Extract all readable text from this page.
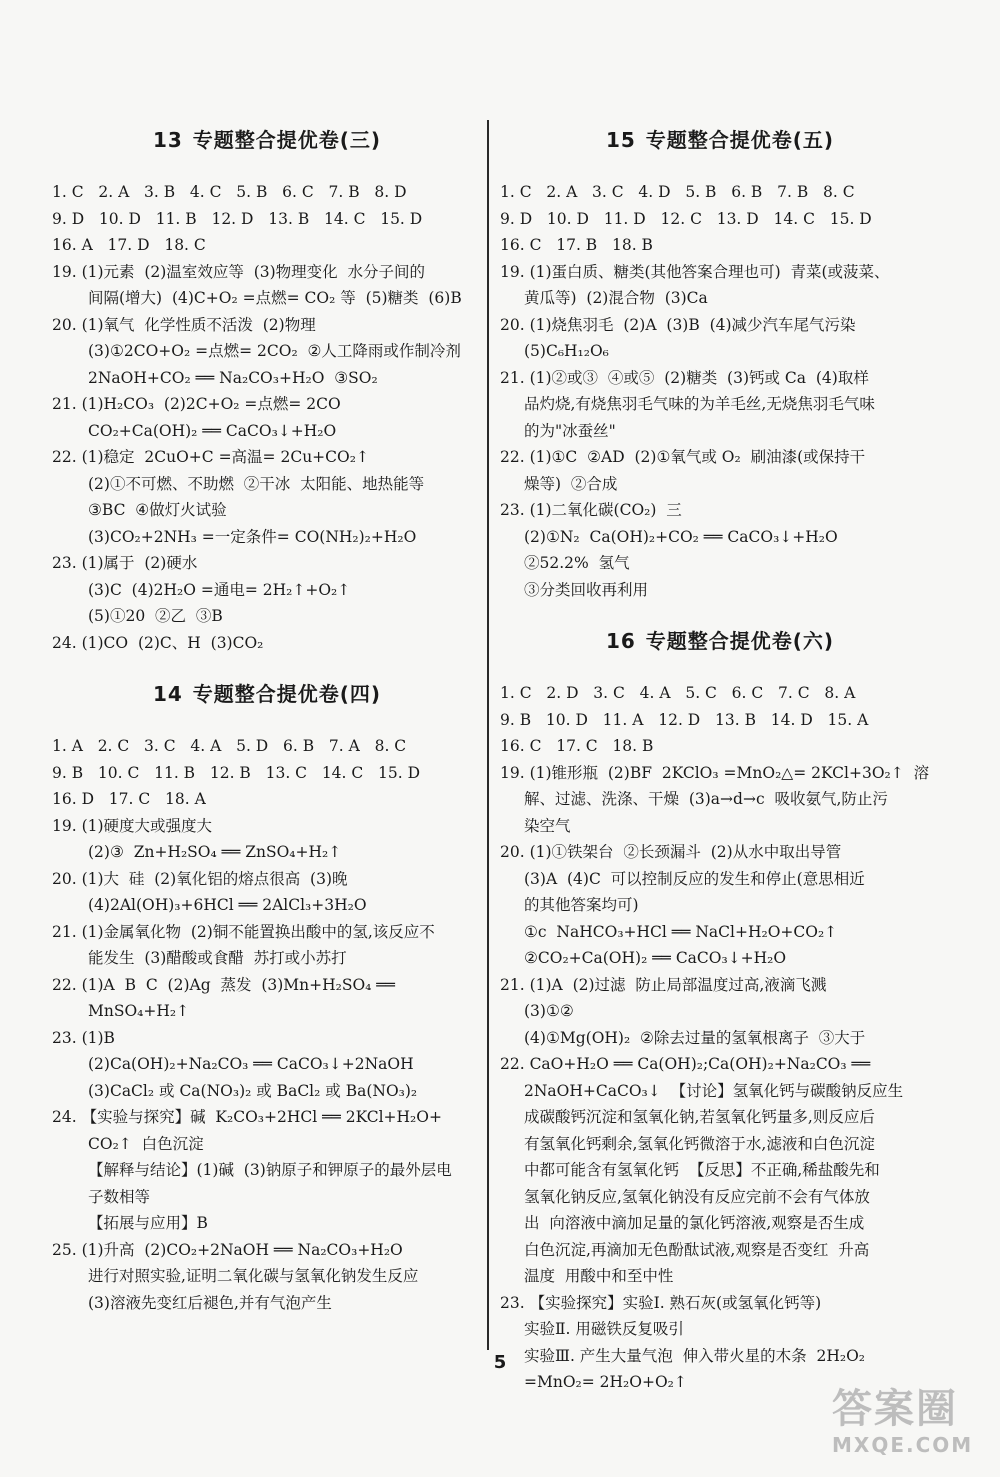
13 专题整合提优卷(三)
1. C   2. A   3. B   4. C   5. B   6. C   7. B   8. D
9. D   10. D   11. B   12. D   13. B   14. C   15. D
16. A   17. D   18. C
19. (1)元素  (2)温室效应等  (3)物理变化  水分子间的
间隔(增大)  (4)C+O₂ =点燃= CO₂ 等  (5)糖类  (6)B
20. (1)氧气  化学性质不活泼  (2)物理
(3)①2CO+O₂ =点燃= 2CO₂  ②人工降雨或作制冷剂
2NaOH+CO₂ ══ Na₂CO₃+H₂O  ③SO₂
21. (1)H₂CO₃  (2)2C+O₂ =点燃= 2CO
CO₂+Ca(OH)₂ ══ CaCO₃↓+H₂O
22. (1)稳定  2CuO+C =高温= 2Cu+CO₂↑
(2)①不可燃、不助燃  ②干冰  太阳能、地热能等
③BC  ④做灯火试验
(3)CO₂+2NH₃ =一定条件= CO(NH₂)₂+H₂O
23. (1)属于  (2)硬水
(3)C  (4)2H₂O =通电= 2H₂↑+O₂↑
(5)①20  ②乙  ③B
24. (1)CO  (2)C、H  (3)CO₂
14 专题整合提优卷(四)
1. A   2. C   3. C   4. A   5. D   6. B   7. A   8. C
9. B   10. C   11. B   12. B   13. C   14. C   15. D
16. D   17. C   18. A
19. (1)硬度大或强度大
(2)③  Zn+H₂SO₄ ══ ZnSO₄+H₂↑
20. (1)大  硅  (2)氧化铝的熔点很高  (3)晚
(4)2Al(OH)₃+6HCl ══ 2AlCl₃+3H₂O
21. (1)金属氧化物  (2)铜不能置换出酸中的氢,该反应不
能发生  (3)醋酸或食醋  苏打或小苏打
22. (1)A  B  C  (2)Ag  蒸发  (3)Mn+H₂SO₄ ══
MnSO₄+H₂↑
23. (1)B
(2)Ca(OH)₂+Na₂CO₃ ══ CaCO₃↓+2NaOH
(3)CaCl₂ 或 Ca(NO₃)₂ 或 BaCl₂ 或 Ba(NO₃)₂
24. 【实验与探究】碱  K₂CO₃+2HCl ══ 2KCl+H₂O+
CO₂↑  白色沉淀
【解释与结论】(1)碱  (3)钠原子和钾原子的最外层电
子数相等
【拓展与应用】B
25. (1)升高  (2)CO₂+2NaOH ══ Na₂CO₃+H₂O
进行对照实验,证明二氧化碳与氢氧化钠发生反应
(3)溶液先变红后褪色,并有气泡产生
15 专题整合提优卷(五)
1. C   2. A   3. C   4. D   5. B   6. B   7. B   8. C
9. D   10. D   11. D   12. C   13. D   14. C   15. D
16. C   17. B   18. B
19. (1)蛋白质、糖类(其他答案合理也可)  青菜(或菠菜、
黄瓜等)  (2)混合物  (3)Ca
20. (1)烧焦羽毛  (2)A  (3)B  (4)减少汽车尾气污染
(5)C₆H₁₂O₆
21. (1)②或③  ④或⑤  (2)糖类  (3)钙或 Ca  (4)取样
品灼烧,有烧焦羽毛气味的为羊毛丝,无烧焦羽毛气味
的为"冰蚕丝"
22. (1)①C  ②AD  (2)①氧气或 O₂  刷油漆(或保持干
燥等)  ②合成
23. (1)二氧化碳(CO₂)  三
(2)①N₂  Ca(OH)₂+CO₂ ══ CaCO₃↓+H₂O
②52.2%  氢气
③分类回收再利用
16 专题整合提优卷(六)
1. C   2. D   3. C   4. A   5. C   6. C   7. C   8. A
9. B   10. D   11. A   12. D   13. B   14. D   15. A
16. C   17. C   18. B
19. (1)锥形瓶  (2)BF  2KClO₃ =MnO₂△= 2KCl+3O₂↑  溶
解、过滤、洗涤、干燥  (3)a→d→c  吸收氨气,防止污
染空气
20. (1)①铁架台  ②长颈漏斗  (2)从水中取出导管
(3)A  (4)C  可以控制反应的发生和停止(意思相近
的其他答案均可)
①c  NaHCO₃+HCl ══ NaCl+H₂O+CO₂↑
②CO₂+Ca(OH)₂ ══ CaCO₃↓+H₂O
21. (1)A  (2)过滤  防止局部温度过高,液滴飞溅
(3)①②
(4)①Mg(OH)₂  ②除去过量的氢氧根离子  ③大于
22. CaO+H₂O ══ Ca(OH)₂;Ca(OH)₂+Na₂CO₃ ══
2NaOH+CaCO₃↓  【讨论】氢氧化钙与碳酸钠反应生
成碳酸钙沉淀和氢氧化钠,若氢氧化钙量多,则反应后
有氢氧化钙剩余,氢氧化钙微溶于水,滤液和白色沉淀
中都可能含有氢氧化钙  【反思】不正确,稀盐酸先和
氢氧化钠反应,氢氧化钠没有反应完前不会有气体放
出  向溶液中滴加足量的氯化钙溶液,观察是否生成
白色沉淀,再滴加无色酚酞试液,观察是否变红  升高
温度  用酸中和至中性
23. 【实验探究】实验Ⅰ. 熟石灰(或氢氧化钙等)
实验Ⅱ. 用磁铁反复吸引
实验Ⅲ. 产生大量气泡  伸入带火星的木条  2H₂O₂
=MnO₂= 2H₂O+O₂↑
5
答案圈
MXQE.COM
